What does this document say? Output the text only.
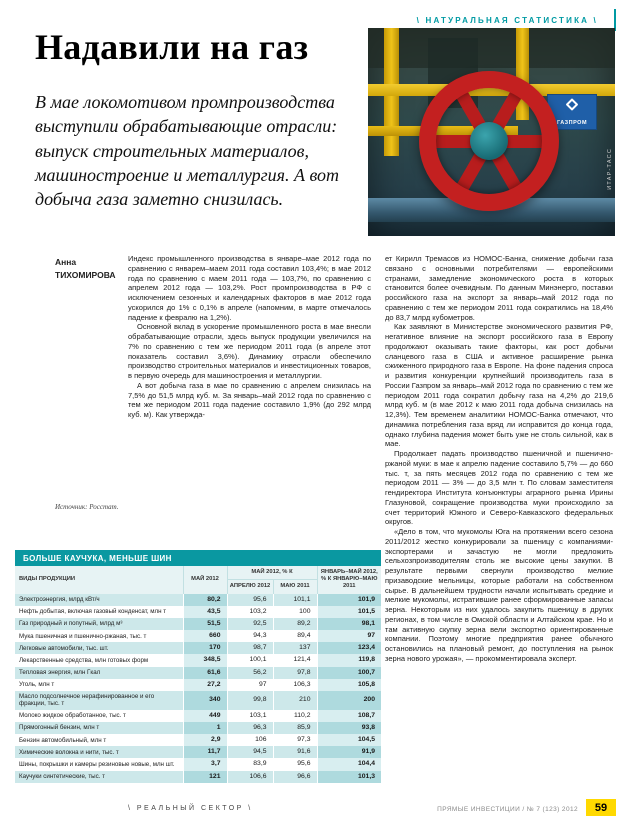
\ НАТУРАЛЬНАЯ СТАТИСТИКА \
Надавили на газ
В мае локомотивом промпроизводства выступили обрабатывающие отрасли: выпуск строительных материалов, машиностроение и металлургия. А вот добыча газа заметно снизилась.
ГАЗПРОМ
ИТАР-ТАСС
Анна
ТИХОМИРОВА

Индекс промышленного производства в январе–мае 2012 года по сравнению с январем–маем 2011 года составил 103,4%; в мае 2012 года по сравнению с маем 2011 года — 103,7%, по сравнению с апрелем 2012 года — 103,2%. Рост промпроизводства в РФ с исключением сезонных и календарных факторов в мае 2012 года ускорился до 1% с 0,1% в апреле (напомним, в марте отмечалось падение к февралю на 1,2%).

Основной вклад в ускорение промышленного роста в мае внесли обрабатывающие отрасли, здесь выпуск продукции увеличился на 7% по сравнению с тем же периодом 2011 года (в апреле этот показатель составил 3,6%). Динамику отрасли обеспечило производство строительных материалов и инвестиционных товаров, в первую очередь для машиностроения и металлургии.

А вот добыча газа в мае по сравнению с апрелем снизилась на 7,5% до 51,5 млрд куб. м. За январь–май 2012 года по сравнению с тем же периодом 2011 года падение составило 1,9% (до 292 млрд куб. м). Как утвержда-

Источник: Росстат.

ет Кирилл Тремасов из НОМОС-Банка, снижение добычи газа связано с основными потребителями — европейскими странами, замедление экономического роста в которых становится более очевидным. По данным Минэнерго, поставки российского газа на экспорт за январь–май 2012 года по сравнению с тем же периодом 2011 года сократились на 18,4% до 83,7 млрд кубометров.

Как заявляют в Министерстве экономического развития РФ, негативное влияние на экспорт российского газа в Европу продолжают оказывать такие факторы, как рост добычи сланцевого газа в США и активное расширение рынка сжиженного природного газа в Европе. На фоне падения спроса и развития конкуренции крупнейший производитель газа в России Газпром за январь–май 2012 года по сравнению с тем же периодом 2011 года сократил добычу газа на 4,2% до 219,6 млрд куб. м (в мае 2012 к маю 2011 года добыча снизилась на 12,3%). Тем временем аналитики НОМОС-Банка отмечают, что динамика потребления газа вряд ли исправится до конца года, однако глубина падения может быть уже не столь сильной, как в мае.

Продолжает падать производство пшеничной и пшенично-ржаной муки: в мае к апрелю падение составило 5,7% — до 660 тыс. т, за пять месяцев 2012 года по сравнению с тем же периодом 2011 — 3% — до 3,5 млн т. По словам заместителя гендиректора Института конъюнктуры аграрного рынка Ирины Глазуновой, сокращение производства муки происходило за счет территорий Южного и Северо-Кавказского федеральных округов.

«Дело в том, что мукомолы Юга на протяжении всего сезона 2011/2012 жестко конкурировали за пшеницу с компаниями-экспортерами и зачастую не могли предложить сельхозпроизводителям столь же высокие цены закупки. В результате первыми свернули производство мелкие призаводские мельницы, которые работали на собственном сырье. В дальнейшем трудности начали испытывать средние и мелкие мукомолы, истратившие ранее сформированные запасы зерна. Некоторым из них удалось закупить пшеницу в других регионах, в том числе в Омской области и Алтайском крае. Но и там активную скупку зерна вели экспортно ориентированные компании. Поэтому многие предприятия ранее обычного остановились на плановый ремонт, до поступления на рынок зерна нового урожая», — прокомментировала эксперт.

БОЛЬШЕ КАУЧУКА, МЕНЬШЕ ШИН
ВИДЫ ПРОДУКЦИИ	МАЙ 2012	МАЙ 2012, % К		ЯНВАРЬ–МАЙ 2012, % К ЯНВАРЮ–МАЮ 2011
		АПРЕЛЮ 2012	МАЮ 2011	
Электроэнергия, млрд кВт/ч	80,2	95,6	101,1	101,9
Нефть добытая, включая газовый конденсат, млн т	43,5	103,2	100	101,5
Газ природный и попутный, млрд м³	51,5	92,5	89,2	98,1
Мука пшеничная и пшенично-ржаная, тыс. т	660	94,3	89,4	97
Легковые автомобили, тыс. шт.	170	98,7	137	123,4
Лекарственные средства, млн готовых форм	348,5	100,1	121,4	119,8
Тепловая энергия, млн Гкал	61,6	56,2	97,8	100,7
Уголь, млн т	27,2	97	106,3	105,8
Масло подсолнечное нерафинированное и его фракции, тыс. т	340	99,8	210	200
Молоко жидкое обработанное, тыс. т	449	103,1	110,2	108,7
Прямогонный бензин, млн т	1	96,3	85,9	93,8
Бензин автомобильный, млн т	2,9	106	97,3	104,5
Химические волокна и нити, тыс. т	11,7	94,5	91,6	91,9
Шины, покрышки и камеры резиновые новые, млн шт.	3,7	83,9	95,6	104,4
Каучуки синтетические, тыс. т	121	106,6	96,6	101,3
\ РЕАЛЬНЫЙ СЕКТОР \	ПРЯМЫЕ ИНВЕСТИЦИИ / № 7 (123) 2012	59
